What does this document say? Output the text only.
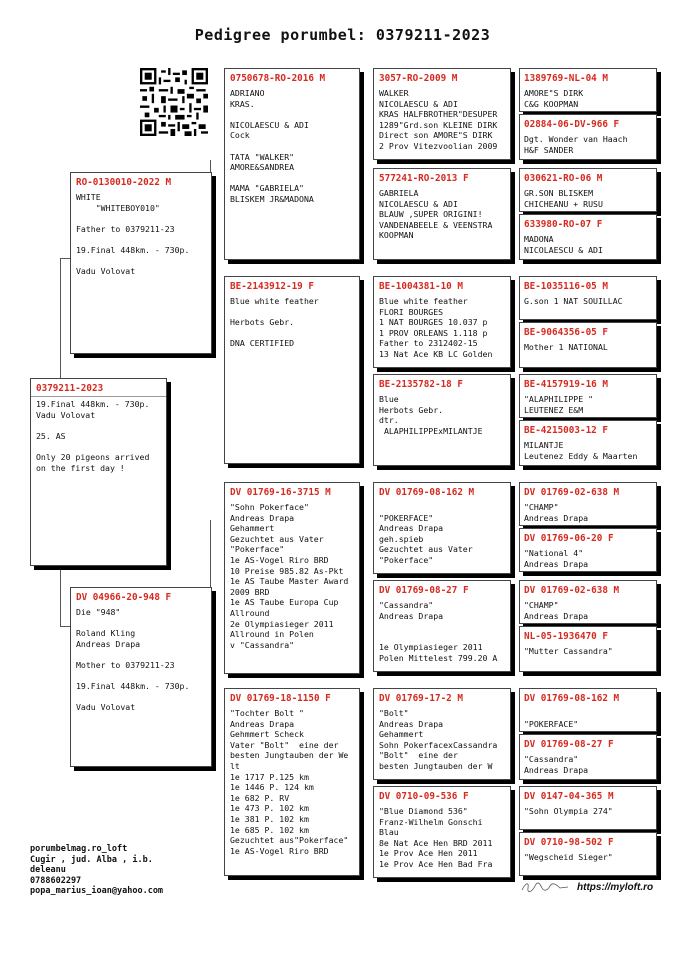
Pedigree porumbel: 0379211-2023
0379211-2023
19.Final 448km. - 730p.
Vadu Volovat

25. AS

Only 20 pigeons arrived
on the first day !
RO-0130010-2022 M
WHITE
"WHITEBOY010"

Father to 0379211-23

19.Final 448km. - 730p.

Vadu Volovat
DV 04966-20-948 F
Die "948"

Roland Kling
Andreas Drapa

Mother to 0379211-23

19.Final 448km. - 730p.

Vadu Volovat
0750678-RO-2016 M
ADRIANO
KRAS.

NICOLAESCU & ADI
Cock

TATA "WALKER"
AMORE&SANDREA

MAMA "GABRIELA"
BLISKEM JR&MADONA
BE-2143912-19 F
Blue white feather

Herbots Gebr.

DNA CERTIFIED
DV 01769-16-3715 M
"Sohn Pokerface"
Andreas Drapa
Gehammert
Gezuchtet aus Vater
"Pokerface"
1e AS-Vogel Riro BRD
10 Preise 985.82 As-Pkt
1e AS Taube Master Award
2009 BRD
1e AS Taube Europa Cup
Allround
2e Olympiasieger 2011
Allround in Polen
v "Cassandra"
DV 01769-18-1150 F
"Tochter Bolt "
Andreas Drapa
Gehmmert Scheck
Vater "Bolt"  eine der
besten Jungtauben der We
lt
1e 1717 P.125 km
1e 1446 P. 124 km
1e 682 P. RV
1e 473 P. 102 km
1e 381 P. 102 km
1e 685 P. 102 km
Gezuchtet aus"Pokerface"
1e AS-Vogel Riro BRD
3057-RO-2009 M
WALKER
NICOLAESCU & ADI
KRAS HALFBROTHER"DESUPER
1289"Grd.son KLEINE DIRK
Direct son AMORE"S DIRK
2 Prov Vitezvoolian 2009
577241-RO-2013 F
GABRIELA
NICOLAESCU & ADI
BLAUW ,SUPER ORIGINI!
VANDENABEELE & VEENSTRA
KOOPMAN
BE-1004381-10 M
Blue white feather
FLORI BOURGES
1 NAT BOURGES 10.037 p
1 PROV ORLEANS 1.118 p
Father to 2312402-15
13 Nat Ace KB LC Golden
BE-2135782-18 F
Blue
Herbots Gebr.
dtr.
ALAPHILIPPExMILANTJE
DV 01769-08-162 M

"POKERFACE"
Andreas Drapa
geh.spieb
Gezuchtet aus Vater
"Pokerface"
DV 01769-08-27 F
"Cassandra"
Andreas Drapa

1e Olympiasieger 2011
Polen Mittelest 799.20 A
DV 01769-17-2 M
"Bolt"
Andreas Drapa
Gehammert
Sohn PokerfacexCassandra
"Bolt"  eine der
besten Jungtauben der W
DV 0710-09-536 F
"Blue Diamond 536"
Franz-Wilhelm Gonschi
Blau
8e Nat Ace Hen BRD 2011
1e Prov Ace Hen 2011
1e Prov Ace Hen Bad Fra
1389769-NL-04 M
AMORE"S DIRK
C&G KOOPMAN
02884-06-DV-966 F
Dgt. Wonder van Haach
H&F SANDER
030621-RO-06 M
GR.SON BLISKEM
CHICHEANU + RUSU
633980-RO-07 F
MADONA
NICOLAESCU & ADI
BE-1035116-05 M
G.son 1 NAT SOUILLAC
BE-9064356-05 F
Mother 1 NATIONAL
BE-4157919-16 M
"ALAPHILIPPE "
LEUTENEZ E&M
BE-4215003-12 F
MILANTJE
Leutenez Eddy & Maarten
DV 01769-02-638 M
"CHAMP"
Andreas Drapa
DV 01769-06-20 F
"National 4"
Andreas Drapa
DV 01769-02-638 M
"CHAMP"
Andreas Drapa
NL-05-1936470 F
"Mutter Cassandra"
DV 01769-08-162 M

"POKERFACE"
DV 01769-08-27 F
"Cassandra"
Andreas Drapa
DV 0147-04-365 M
"Sohn Olympia 274"
DV 0710-98-502 F
"Wegscheid Sieger"
porumbelmag.ro_loft
Cugir , jud. Alba , i.b.
deleanu
0788602297
popa_marius_ioan@yahoo.com	https://myloft.ro
